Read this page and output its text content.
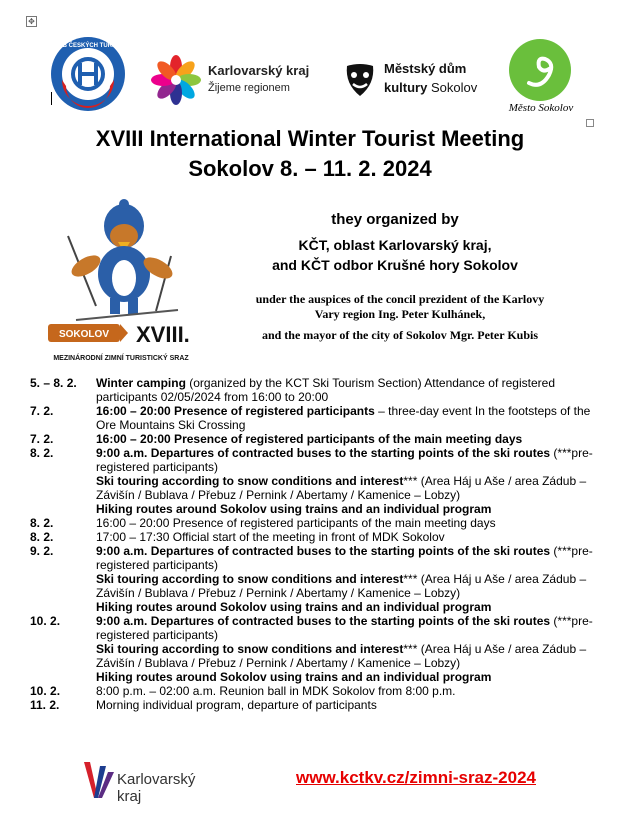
✥
KLUB ČESKÝCH TURISTŮ
Karlovarský kraj
Žijeme regionem
Městský dům
kultury Sokolov
Město Sokolov
XVIII International Winter Tourist Meeting
Sokolov 8. – 11. 2. 2024
SOKOLOV XVIII.
MEZINÁRODNÍ ZIMNÍ TURISTICKÝ SRAZ
they organized by
KČT, oblast Karlovarský kraj,
and KČT odbor Krušné hory Sokolov
under the auspices of the concil prezident of the Karlovy
Vary region Ing. Peter Kulhánek,
and the mayor of the city of Sokolov Mgr. Peter Kubis
5. – 8. 2.	Winter camping (organized by the KCT Ski Tourism Section) Attendance of registered participants 02/05/2024 from 16:00 to 20:00
7. 2.	16:00 – 20:00 Presence of registered participants – three-day event In the footsteps of the Ore Mountains Ski Crossing
7. 2.	16:00 – 20:00 Presence of registered participants of the main meeting days
8. 2.	9:00 a.m. Departures of contracted buses to the starting points of the ski routes (***pre-registered participants)
Ski touring according to snow conditions and interest*** (Area Háj u Aše / area Zádub – Závišín / Bublava / Přebuz / Pernink / Abertamy / Kamenice – Lobzy)
Hiking routes around Sokolov using trains and an individual program
8. 2.	16:00 – 20:00 Presence of registered participants of the main meeting days
8. 2.	17:00 – 17:30 Official start of the meeting in front of MDK Sokolov
9. 2.	9:00 a.m. Departures of contracted buses to the starting points of the ski routes (***pre-registered participants)
Ski touring according to snow conditions and interest*** (Area Háj u Aše / area Zádub – Závišín / Bublava / Přebuz / Pernink / Abertamy / Kamenice – Lobzy)
Hiking routes around Sokolov using trains and an individual program
10. 2.	9:00 a.m. Departures of contracted buses to the starting points of the ski routes (***pre-registered participants)
Ski touring according to snow conditions and interest*** (Area Háj u Aše / area Zádub – Závišín / Bublava / Přebuz / Pernink / Abertamy / Kamenice – Lobzy)
Hiking routes around Sokolov using trains and an individual program
10. 2.	8:00 p.m. – 02:00 a.m. Reunion ball in MDK Sokolov from 8:00 p.m.
11. 2.	Morning individual program, departure of participants
Karlovarský
kraj
www.kctkv.cz/zimni-sraz-2024
